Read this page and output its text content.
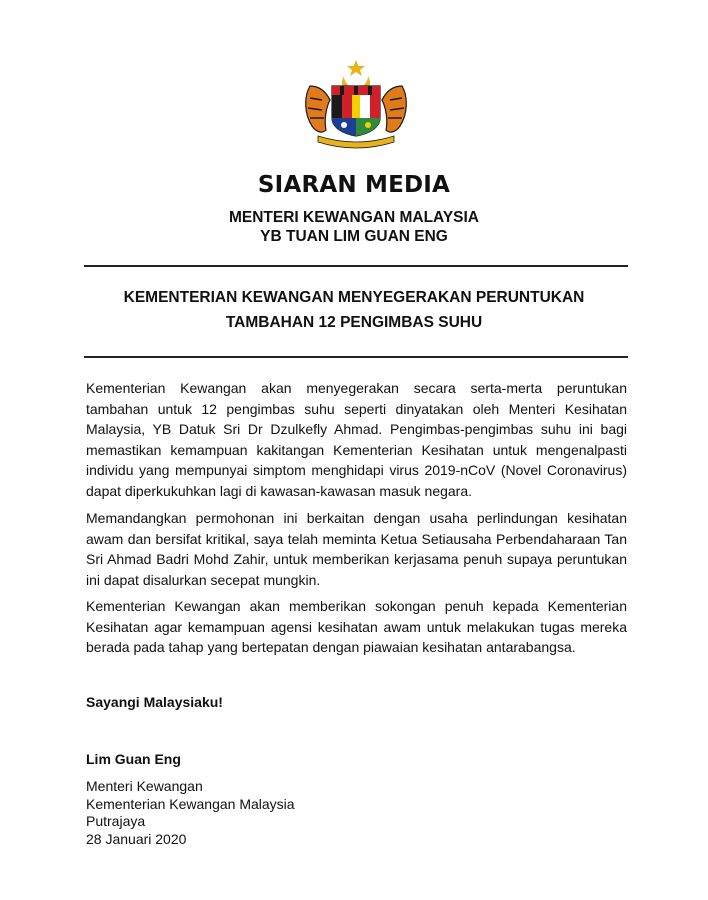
SIARAN MEDIA
MENTERI KEWANGAN MALAYSIA
YB TUAN LIM GUAN ENG
KEMENTERIAN KEWANGAN MENYEGERAKAN PERUNTUKAN
TAMBAHAN 12 PENGIMBAS SUHU

Kementerian Kewangan akan menyegerakan secara serta-merta peruntukan tambahan untuk 12 pengimbas suhu seperti dinyatakan oleh Menteri Kesihatan Malaysia, YB Datuk Sri Dr Dzulkefly Ahmad. Pengimbas-pengimbas suhu ini bagi memastikan kemampuan kakitangan Kementerian Kesihatan untuk mengenalpasti individu yang mempunyai simptom menghidapi virus 2019-nCoV (Novel Coronavirus) dapat diperkukuhkan lagi di kawasan-kawasan masuk negara.

Memandangkan permohonan ini berkaitan dengan usaha perlindungan kesihatan awam dan bersifat kritikal, saya telah meminta Ketua Setiausaha Perbendaharaan Tan Sri Ahmad Badri Mohd Zahir, untuk memberikan kerjasama penuh supaya peruntukan ini dapat disalurkan secepat mungkin.

Kementerian Kewangan akan memberikan sokongan penuh kepada Kementerian Kesihatan agar kemampuan agensi kesihatan awam untuk melakukan tugas mereka berada pada tahap yang bertepatan dengan piawaian kesihatan antarabangsa.

Sayangi Malaysiaku!
Lim Guan Eng
Menteri Kewangan
Kementerian Kewangan Malaysia
Putrajaya
28 Januari 2020
